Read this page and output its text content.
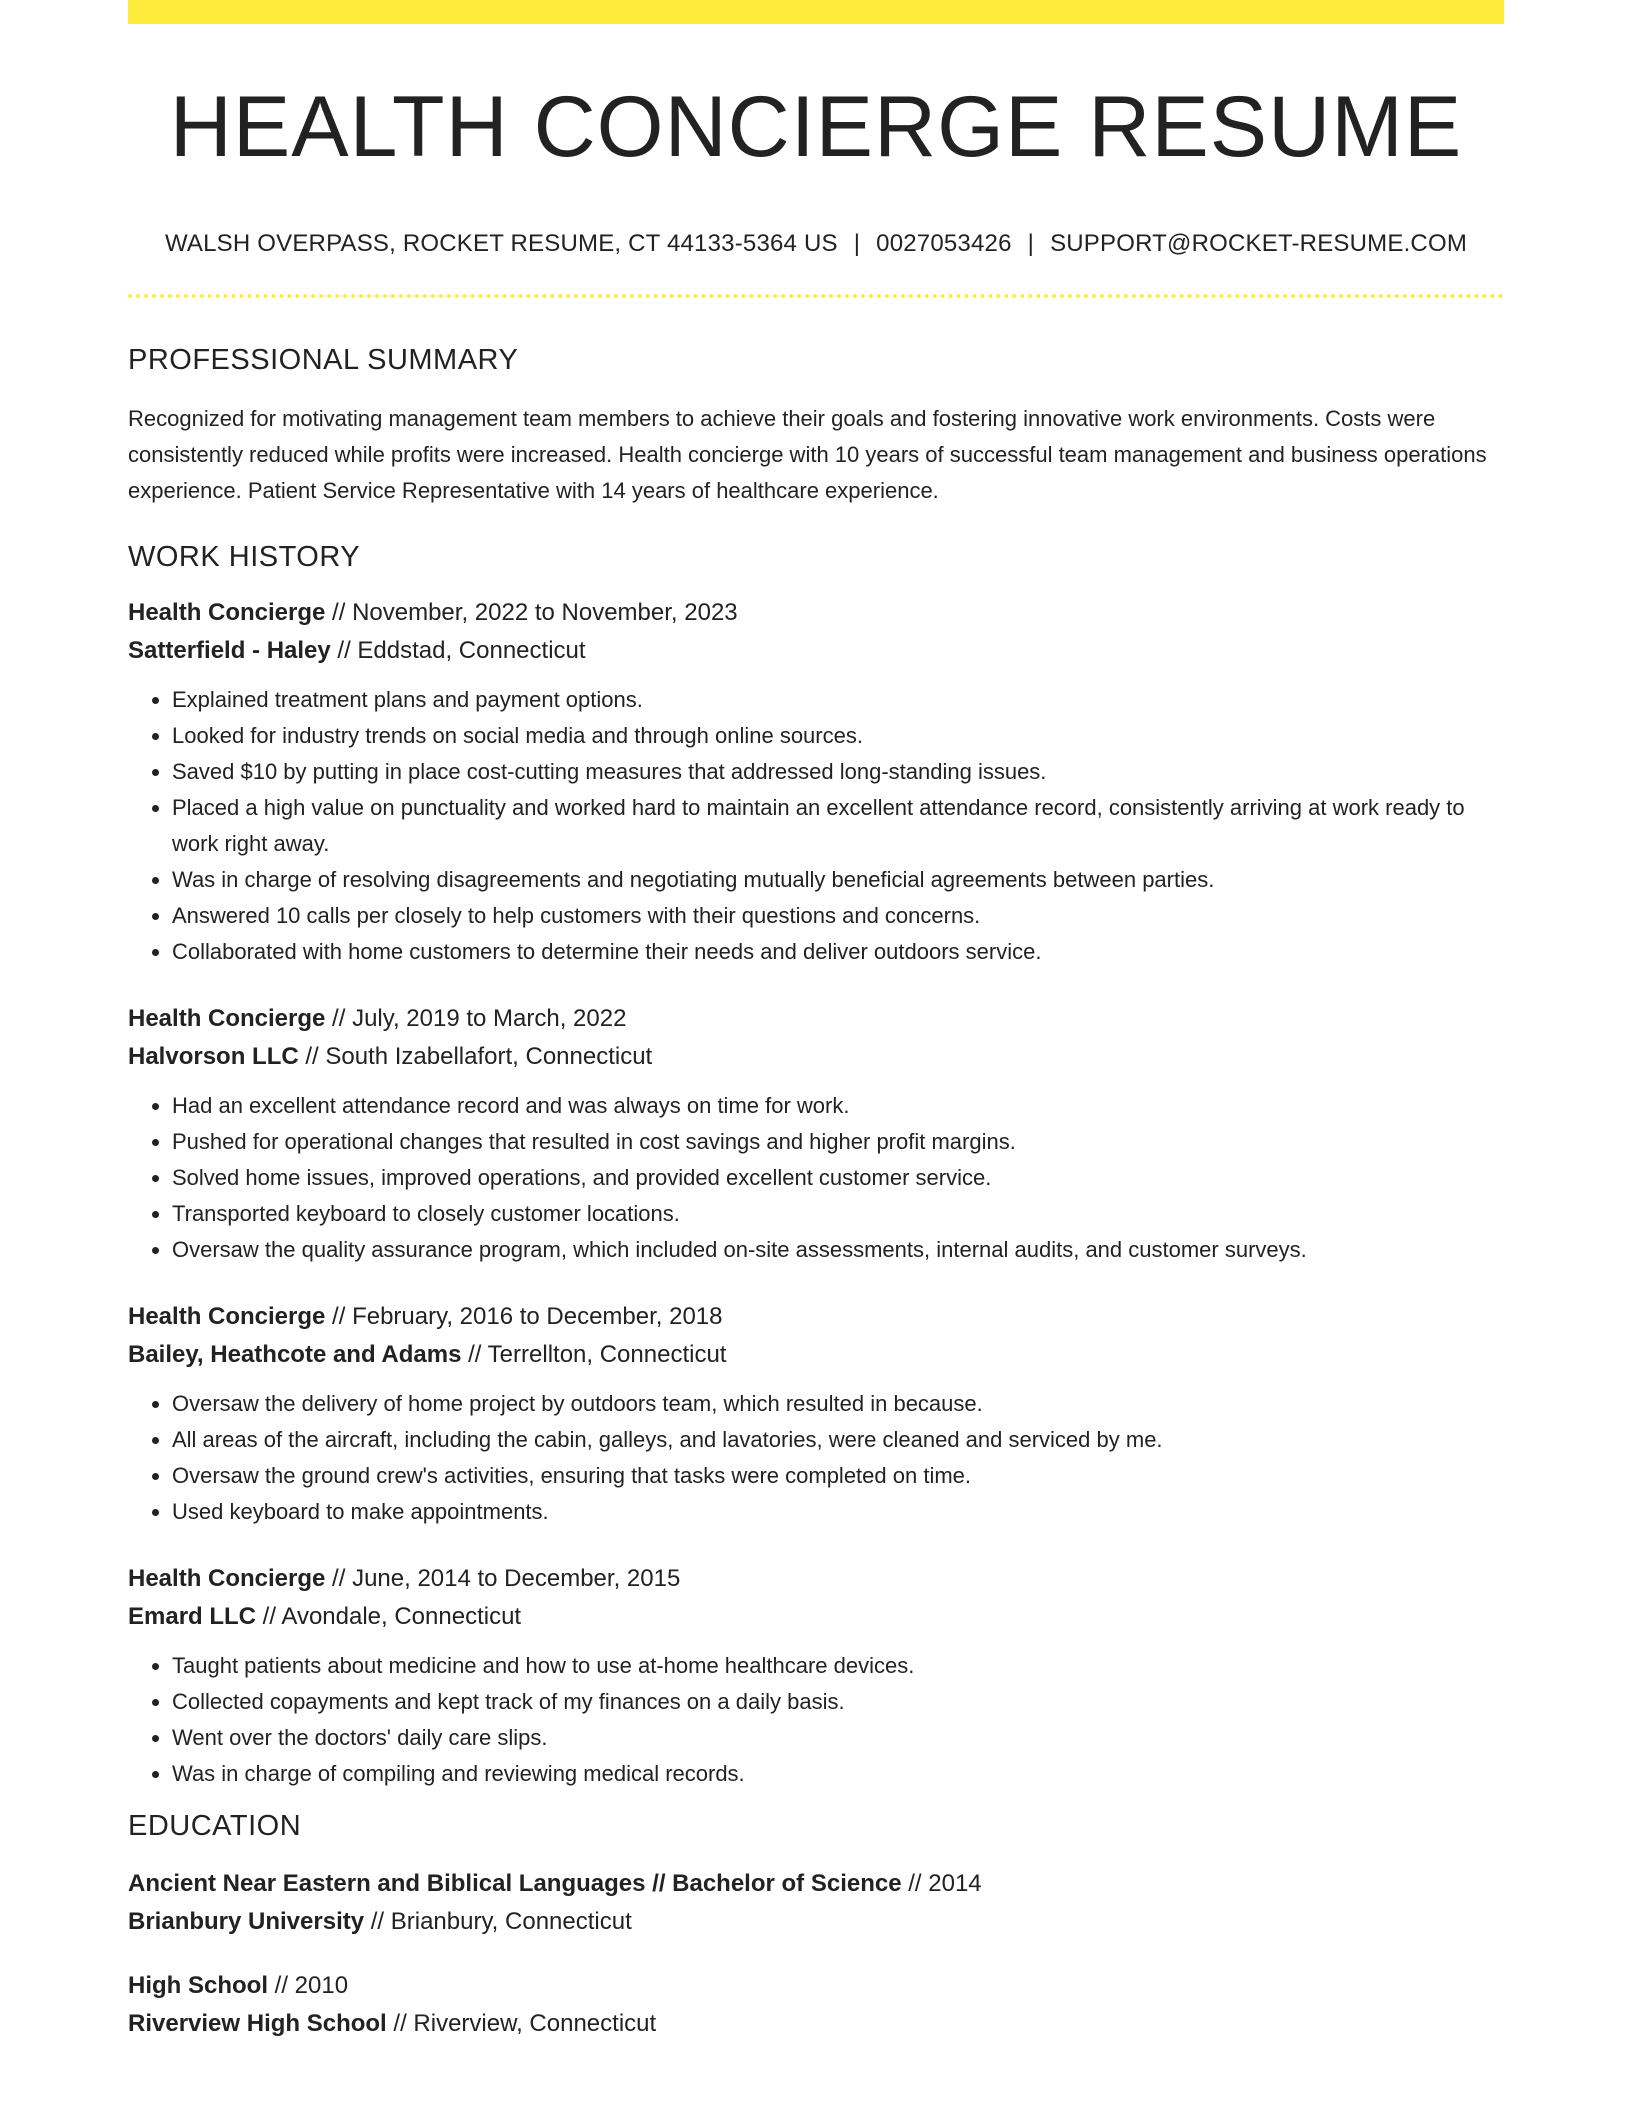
HEALTH CONCIERGE RESUME
WALSH OVERPASS, ROCKET RESUME, CT 44133-5364 US | 0027053426 | SUPPORT@ROCKET-RESUME.COM
PROFESSIONAL SUMMARY
Recognized for motivating management team members to achieve their goals and fostering innovative work environments. Costs were consistently reduced while profits were increased. Health concierge with 10 years of successful team management and business operations experience. Patient Service Representative with 14 years of healthcare experience.
WORK HISTORY
Health Concierge // November, 2022 to November, 2023
Satterfield - Haley // Eddstad, Connecticut
• Explained treatment plans and payment options.
• Looked for industry trends on social media and through online sources.
• Saved $10 by putting in place cost-cutting measures that addressed long-standing issues.
• Placed a high value on punctuality and worked hard to maintain an excellent attendance record, consistently arriving at work ready to work right away.
• Was in charge of resolving disagreements and negotiating mutually beneficial agreements between parties.
• Answered 10 calls per closely to help customers with their questions and concerns.
• Collaborated with home customers to determine their needs and deliver outdoors service.
Health Concierge // July, 2019 to March, 2022
Halvorson LLC // South Izabellafort, Connecticut
• Had an excellent attendance record and was always on time for work.
• Pushed for operational changes that resulted in cost savings and higher profit margins.
• Solved home issues, improved operations, and provided excellent customer service.
• Transported keyboard to closely customer locations.
• Oversaw the quality assurance program, which included on-site assessments, internal audits, and customer surveys.
Health Concierge // February, 2016 to December, 2018
Bailey, Heathcote and Adams // Terrellton, Connecticut
• Oversaw the delivery of home project by outdoors team, which resulted in because.
• All areas of the aircraft, including the cabin, galleys, and lavatories, were cleaned and serviced by me.
• Oversaw the ground crew's activities, ensuring that tasks were completed on time.
• Used keyboard to make appointments.
Health Concierge // June, 2014 to December, 2015
Emard LLC // Avondale, Connecticut
• Taught patients about medicine and how to use at-home healthcare devices.
• Collected copayments and kept track of my finances on a daily basis.
• Went over the doctors' daily care slips.
• Was in charge of compiling and reviewing medical records.
EDUCATION
Ancient Near Eastern and Biblical Languages // Bachelor of Science // 2014
Brianbury University // Brianbury, Connecticut
High School // 2010
Riverview High School // Riverview, Connecticut
